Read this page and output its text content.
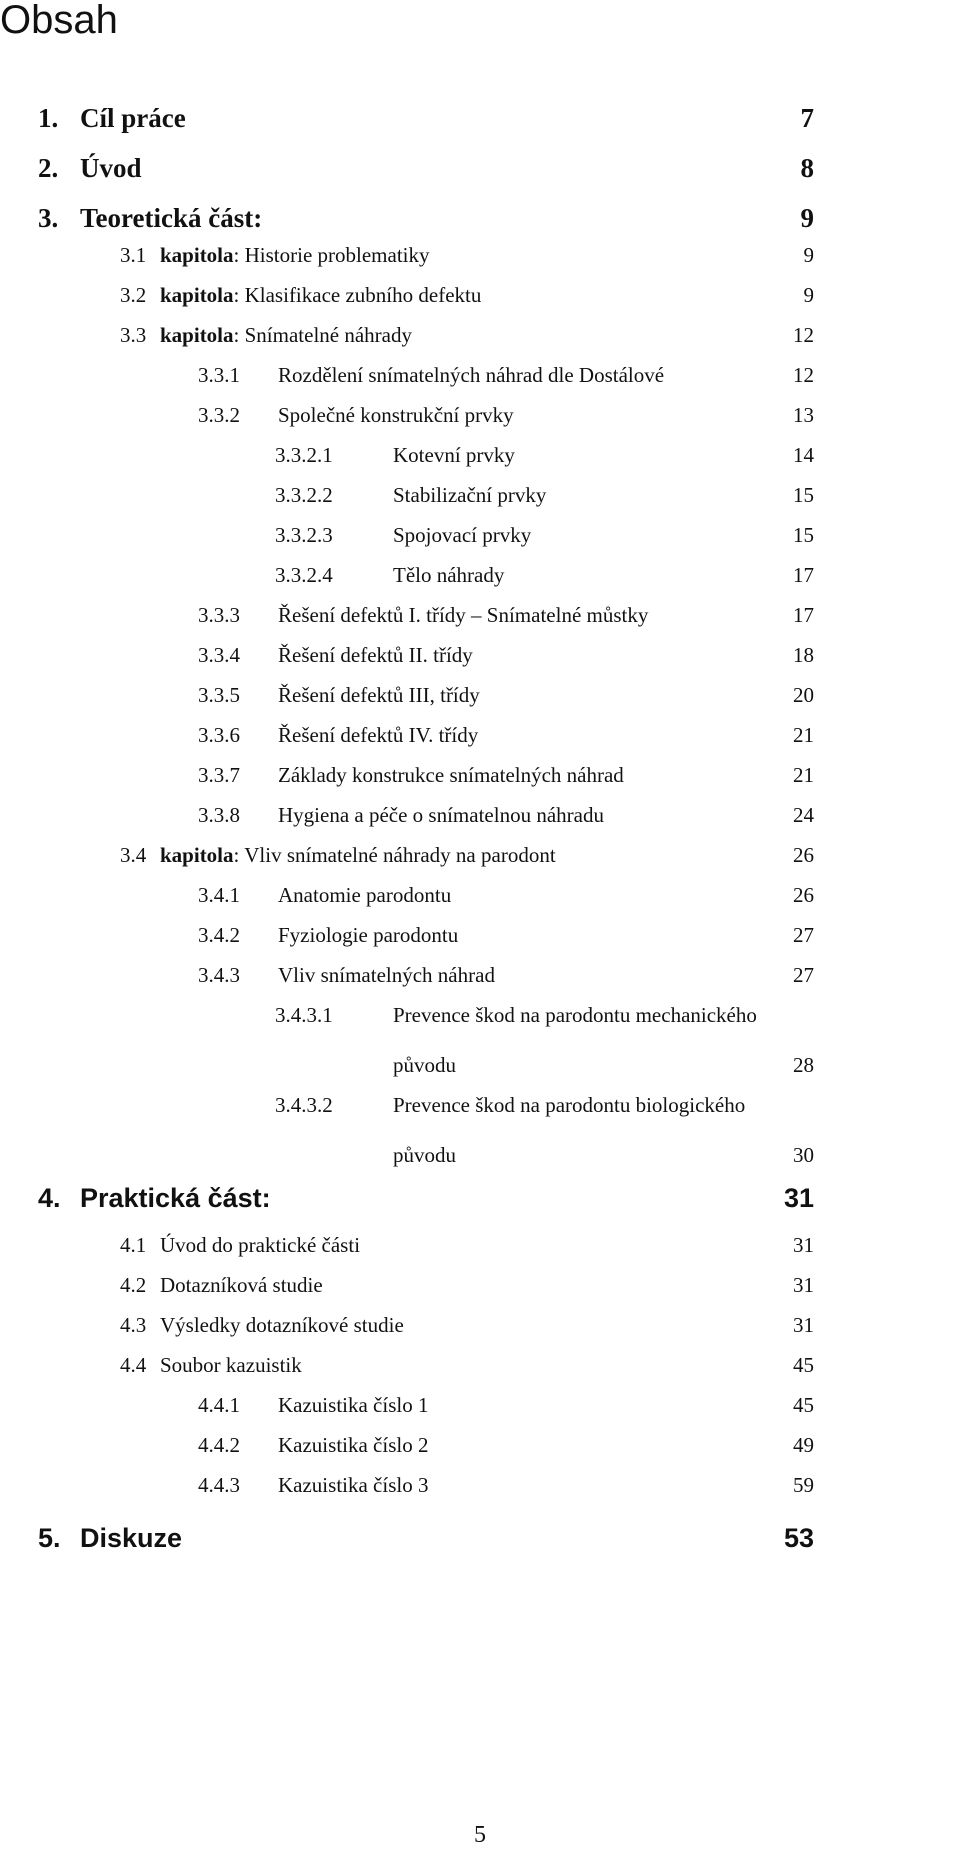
Obsah
1. Cíl práce	7
2. Úvod	8
3. Teoretická část:	9
3.1 kapitola: Historie problematiky	9
3.2 kapitola: Klasifikace zubního defektu	9
3.3 kapitola: Snímatelné náhrady	12
3.3.1 Rozdělení snímatelných náhrad dle Dostálové	12
3.3.2 Společné konstrukční prvky	13
3.3.2.1	Kotevní prvky	14
3.3.2.2	Stabilizační prvky	15
3.3.2.3	Spojovací prvky	15
3.3.2.4	Tělo náhrady	17
3.3.3 Řešení defektů I. třídy – Snímatelné můstky	17
3.3.4 Řešení defektů II. třídy	18
3.3.5 Řešení defektů III, třídy	20
3.3.6 Řešení defektů IV. třídy	21
3.3.7 Základy konstrukce snímatelných náhrad	21
3.3.8 Hygiena a péče o snímatelnou náhradu	24
3.4 kapitola: Vliv snímatelné náhrady na parodont	26
3.4.1 Anatomie parodontu	26
3.4.2 Fyziologie parodontu	27
3.4.3 Vliv snímatelných náhrad	27
3.4.3.1	Prevence škod na parodontu mechanického
původu	28
3.4.3.2	Prevence škod na parodontu biologického
původu	30
4. Praktická část:	31
4.1 Úvod do praktické části	31
4.2 Dotazníková studie	31
4.3 Výsledky dotazníkové studie	31
4.4 Soubor kazuistik	45
4.4.1 Kazuistika číslo 1	45
4.4.2 Kazuistika číslo 2	49
4.4.3 Kazuistika číslo 3	59
5. Diskuze	53
5
